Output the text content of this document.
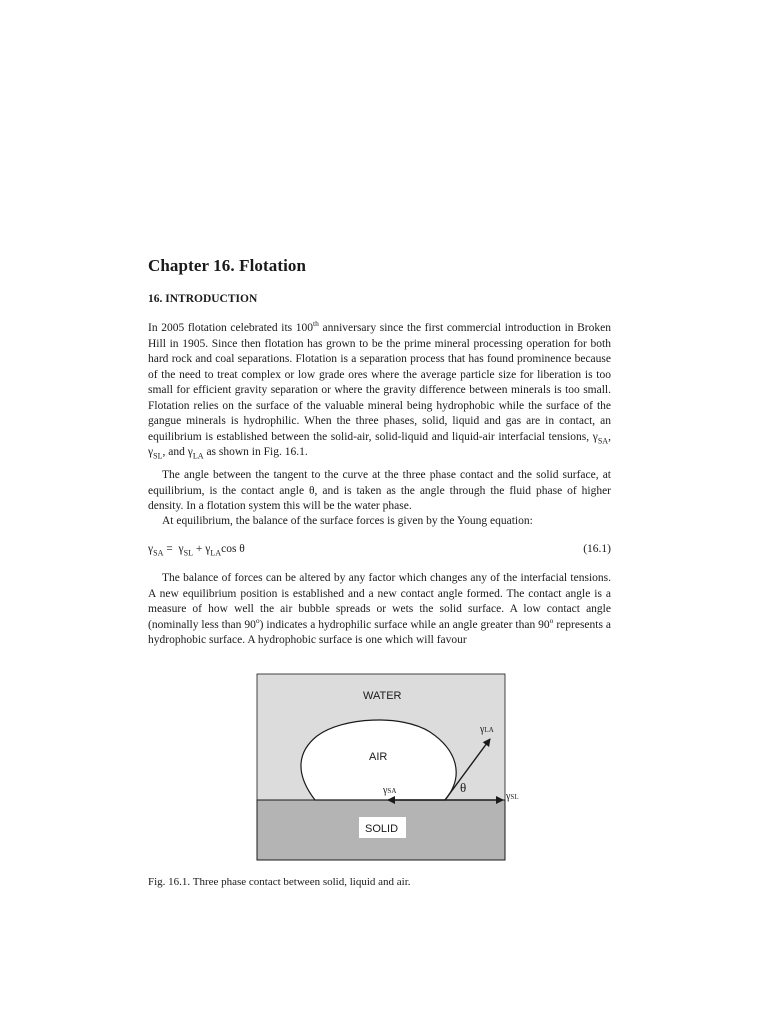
Chapter 16. Flotation
16. INTRODUCTION

In 2005 flotation celebrated its 100th anniversary since the first commercial introduction in Broken Hill in 1905. Since then flotation has grown to be the prime mineral processing operation for both hard rock and coal separations. Flotation is a separation process that has found prominence because of the need to treat complex or low grade ores where the average particle size for liberation is too small for efficient gravity separation or where the gravity difference between minerals is too small. Flotation relies on the surface of the valuable mineral being hydrophobic while the surface of the gangue minerals is hydrophilic. When the three phases, solid, liquid and gas are in contact, an equilibrium is established between the solid-air, solid-liquid and liquid-air interfacial tensions, $\gamma_{SA}$, $\gamma_{SL}$, and $\gamma_{LA}$ as shown in Fig. 16.1.

The angle between the tangent to the curve at the three phase contact and the solid surface, at equilibrium, is the contact angle θ, and is taken as the angle through the fluid phase of higher density. In a flotation system this will be the water phase.

At equilibrium, the balance of the surface forces is given by the Young equation:

$\gamma_{SA} = \gamma_{SL} + \gamma_{LA}\cos$ θ	(16.1)

The balance of forces can be altered by any factor which changes any of the interfacial tensions. A new equilibrium position is established and a new contact angle formed. The contact angle is a measure of how well the air bubble spreads or wets the solid surface. A low contact angle (nominally less than 90$^o$) indicates a hydrophilic surface while an angle greater than 90$^o$ represents a hydrophobic surface. A hydrophobic surface is one which will favour

WATER
AIR
γLA
γSA	γSL
θ
SOLID

Fig. 16.1. Three phase contact between solid, liquid and air.
